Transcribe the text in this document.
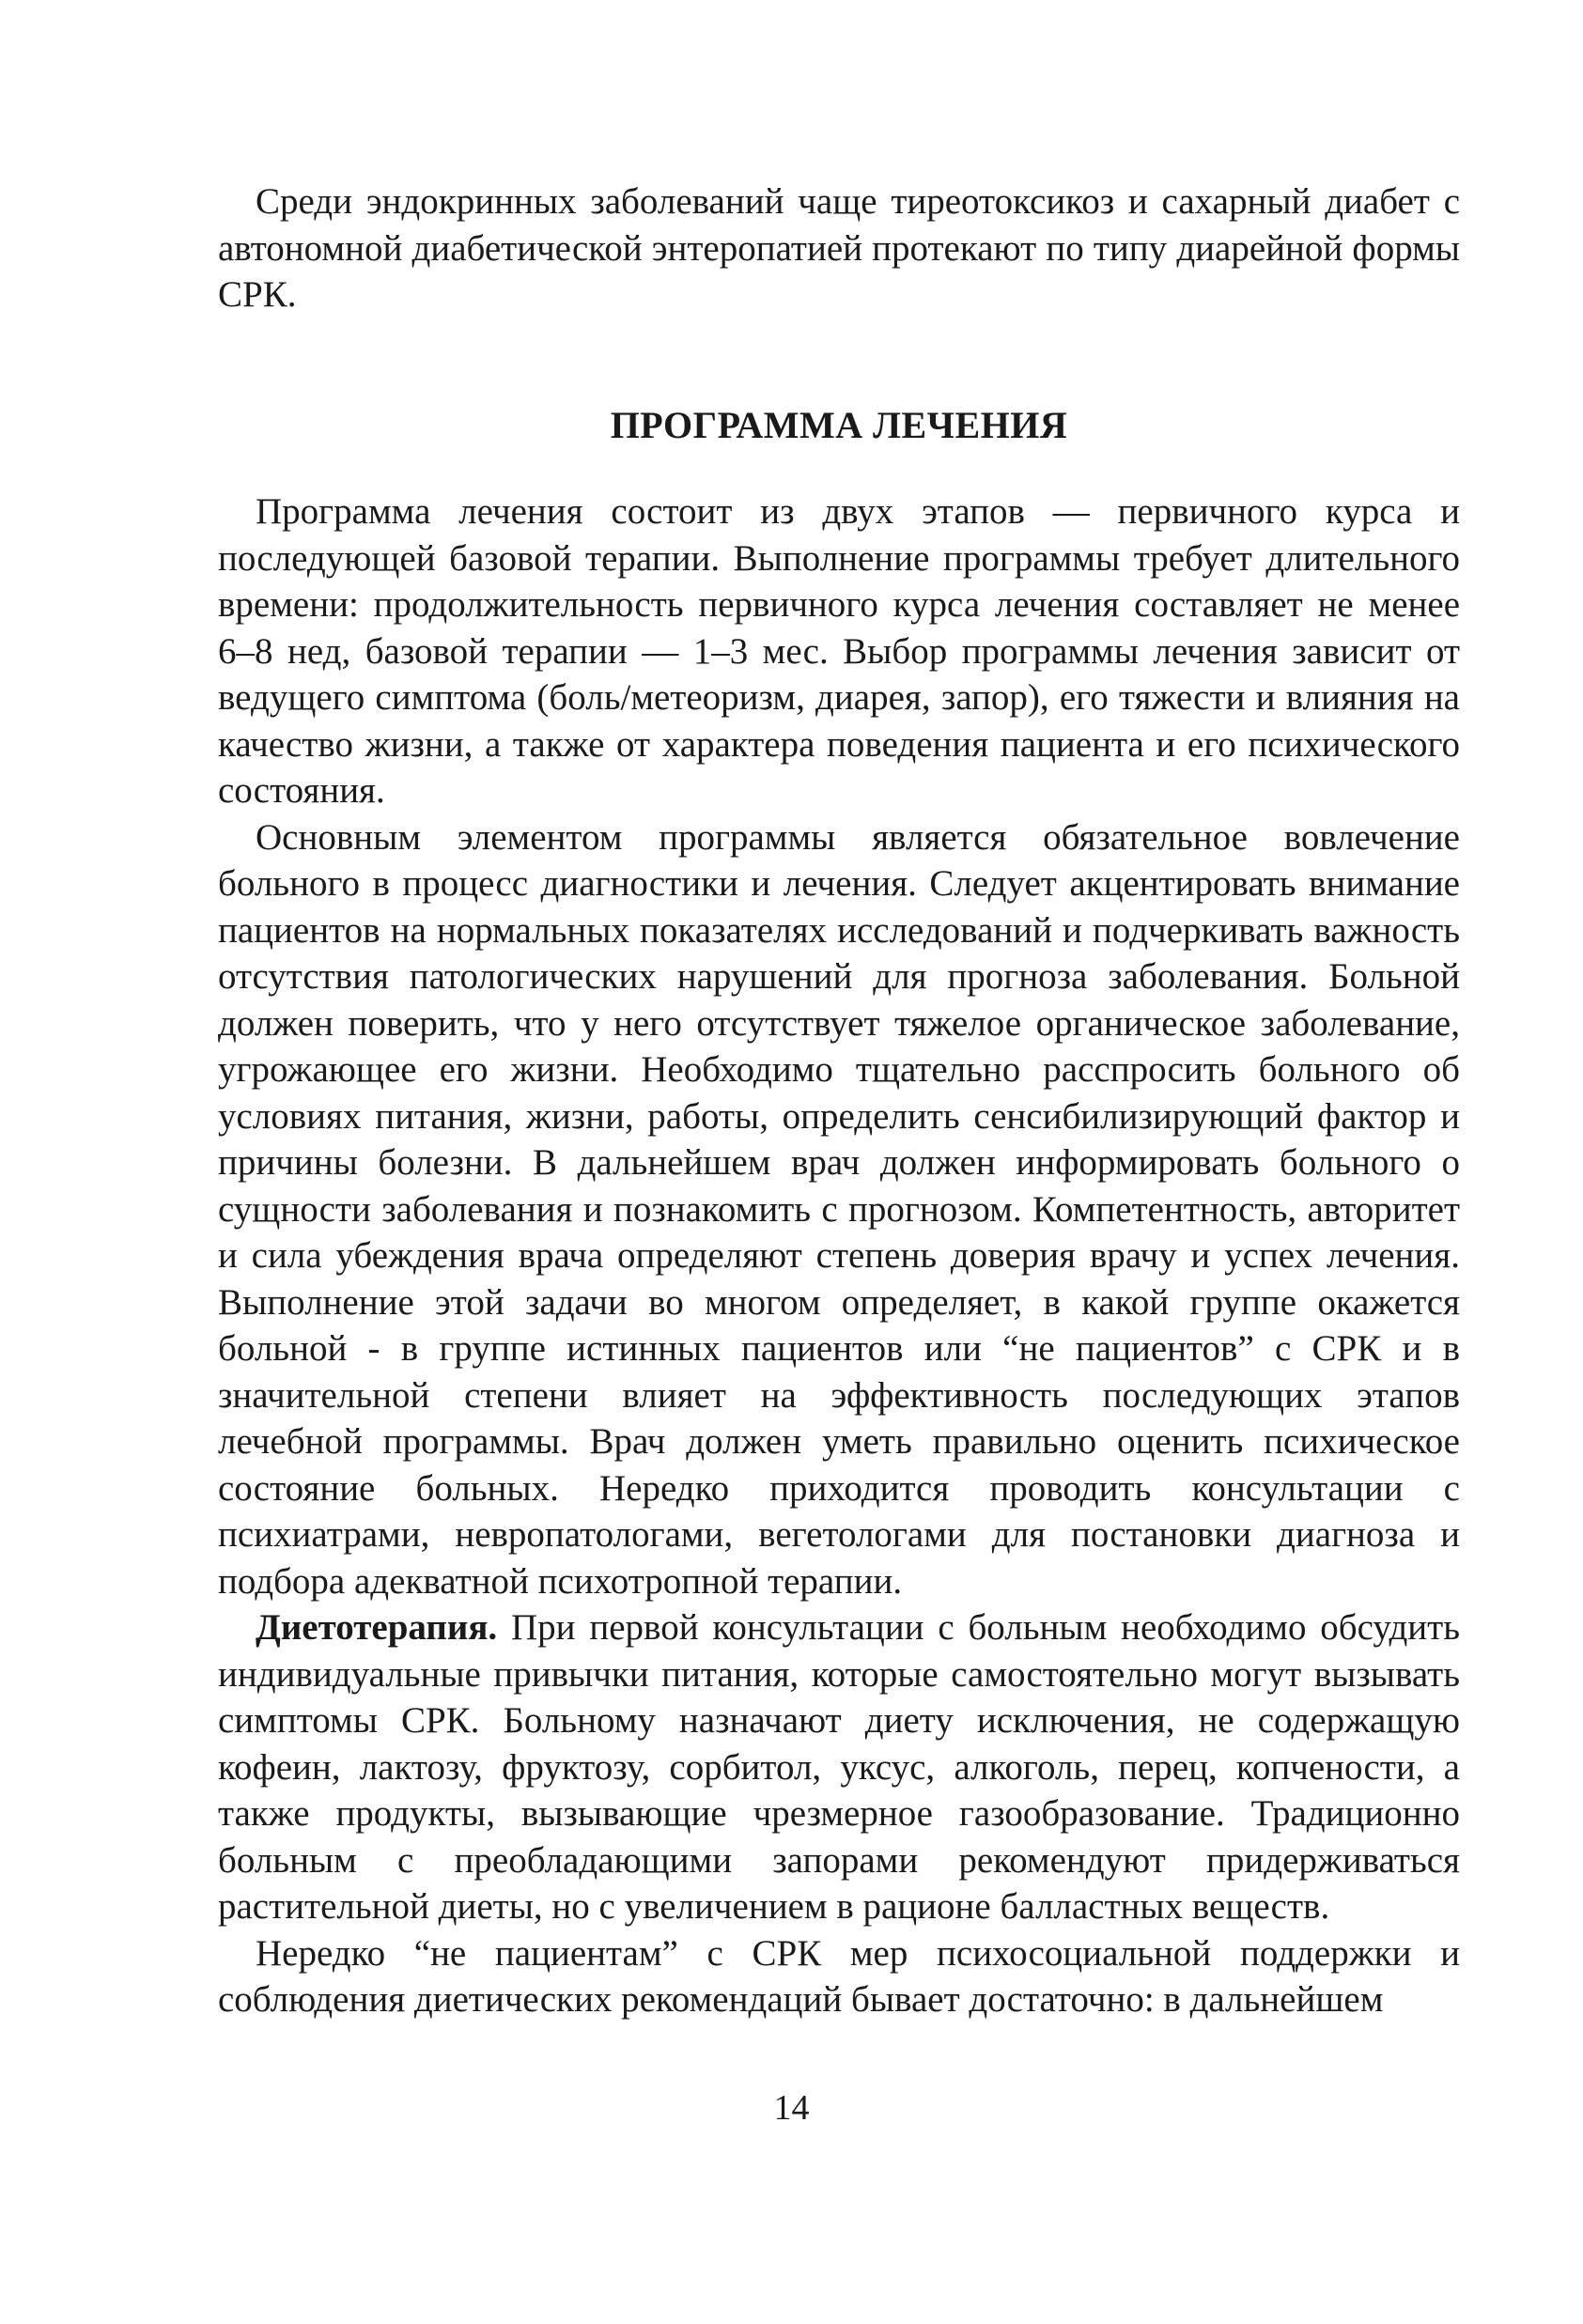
Среди эндокринных заболеваний чаще тиреотоксикоз и сахарный диабет с автономной диабетической энтеропатией протекают по типу диарейной формы СРК.

ПРОГРАММА ЛЕЧЕНИЯ

Программа лечения состоит из двух этапов — первичного курса и последующей базовой терапии. Выполнение программы требует длительного времени: продолжительность первичного курса лечения составляет не менее 6–8 нед, базовой терапии — 1–3 мес. Выбор программы лечения зависит от ведущего симптома (боль/метеоризм, диарея, запор), его тяжести и влияния на качество жизни, а также от характера поведения пациента и его психического состояния.

Основным элементом программы является обязательное вовлечение больного в процесс диагностики и лечения. Следует акцентировать внимание пациентов на нормальных показателях исследований и подчеркивать важность отсутствия патологических нарушений для прогноза заболевания. Больной должен поверить, что у него отсутствует тяжелое органическое заболевание, угрожающее его жизни. Необходимо тщательно расспросить больного об условиях питания, жизни, работы, определить сенсибилизирующий фактор и причины болезни. В дальнейшем врач должен информировать больного о сущности заболевания и познакомить с прогнозом. Компетентность, авторитет и сила убеждения врача определяют степень доверия врачу и успех лечения. Выполнение этой задачи во многом определяет, в какой группе окажется больной - в группе истинных пациентов или “не пациентов” с СРК и в значительной степени влияет на эффективность последующих этапов лечебной программы. Врач должен уметь правильно оценить психическое состояние больных. Нередко приходится проводить консультации с психиатрами, невропатологами, вегетологами для постановки диагноза и подбора адекватной психотропной терапии.

Диетотерапия. При первой консультации с больным необходимо обсудить индивидуальные привычки питания, которые самостоятельно могут вызывать симптомы СРК. Больному назначают диету исключения, не содержащую кофеин, лактозу, фруктозу, сорбитол, уксус, алкоголь, перец, копчености, а также продукты, вызывающие чрезмерное газообразование. Традиционно больным с преобладающими запорами рекомендуют придерживаться растительной диеты, но с увеличением в рационе балластных веществ.

Нередко “не пациентам” с СРК мер психосоциальной поддержки и соблюдения диетических рекомендаций бывает достаточно: в дальнейшем

14
